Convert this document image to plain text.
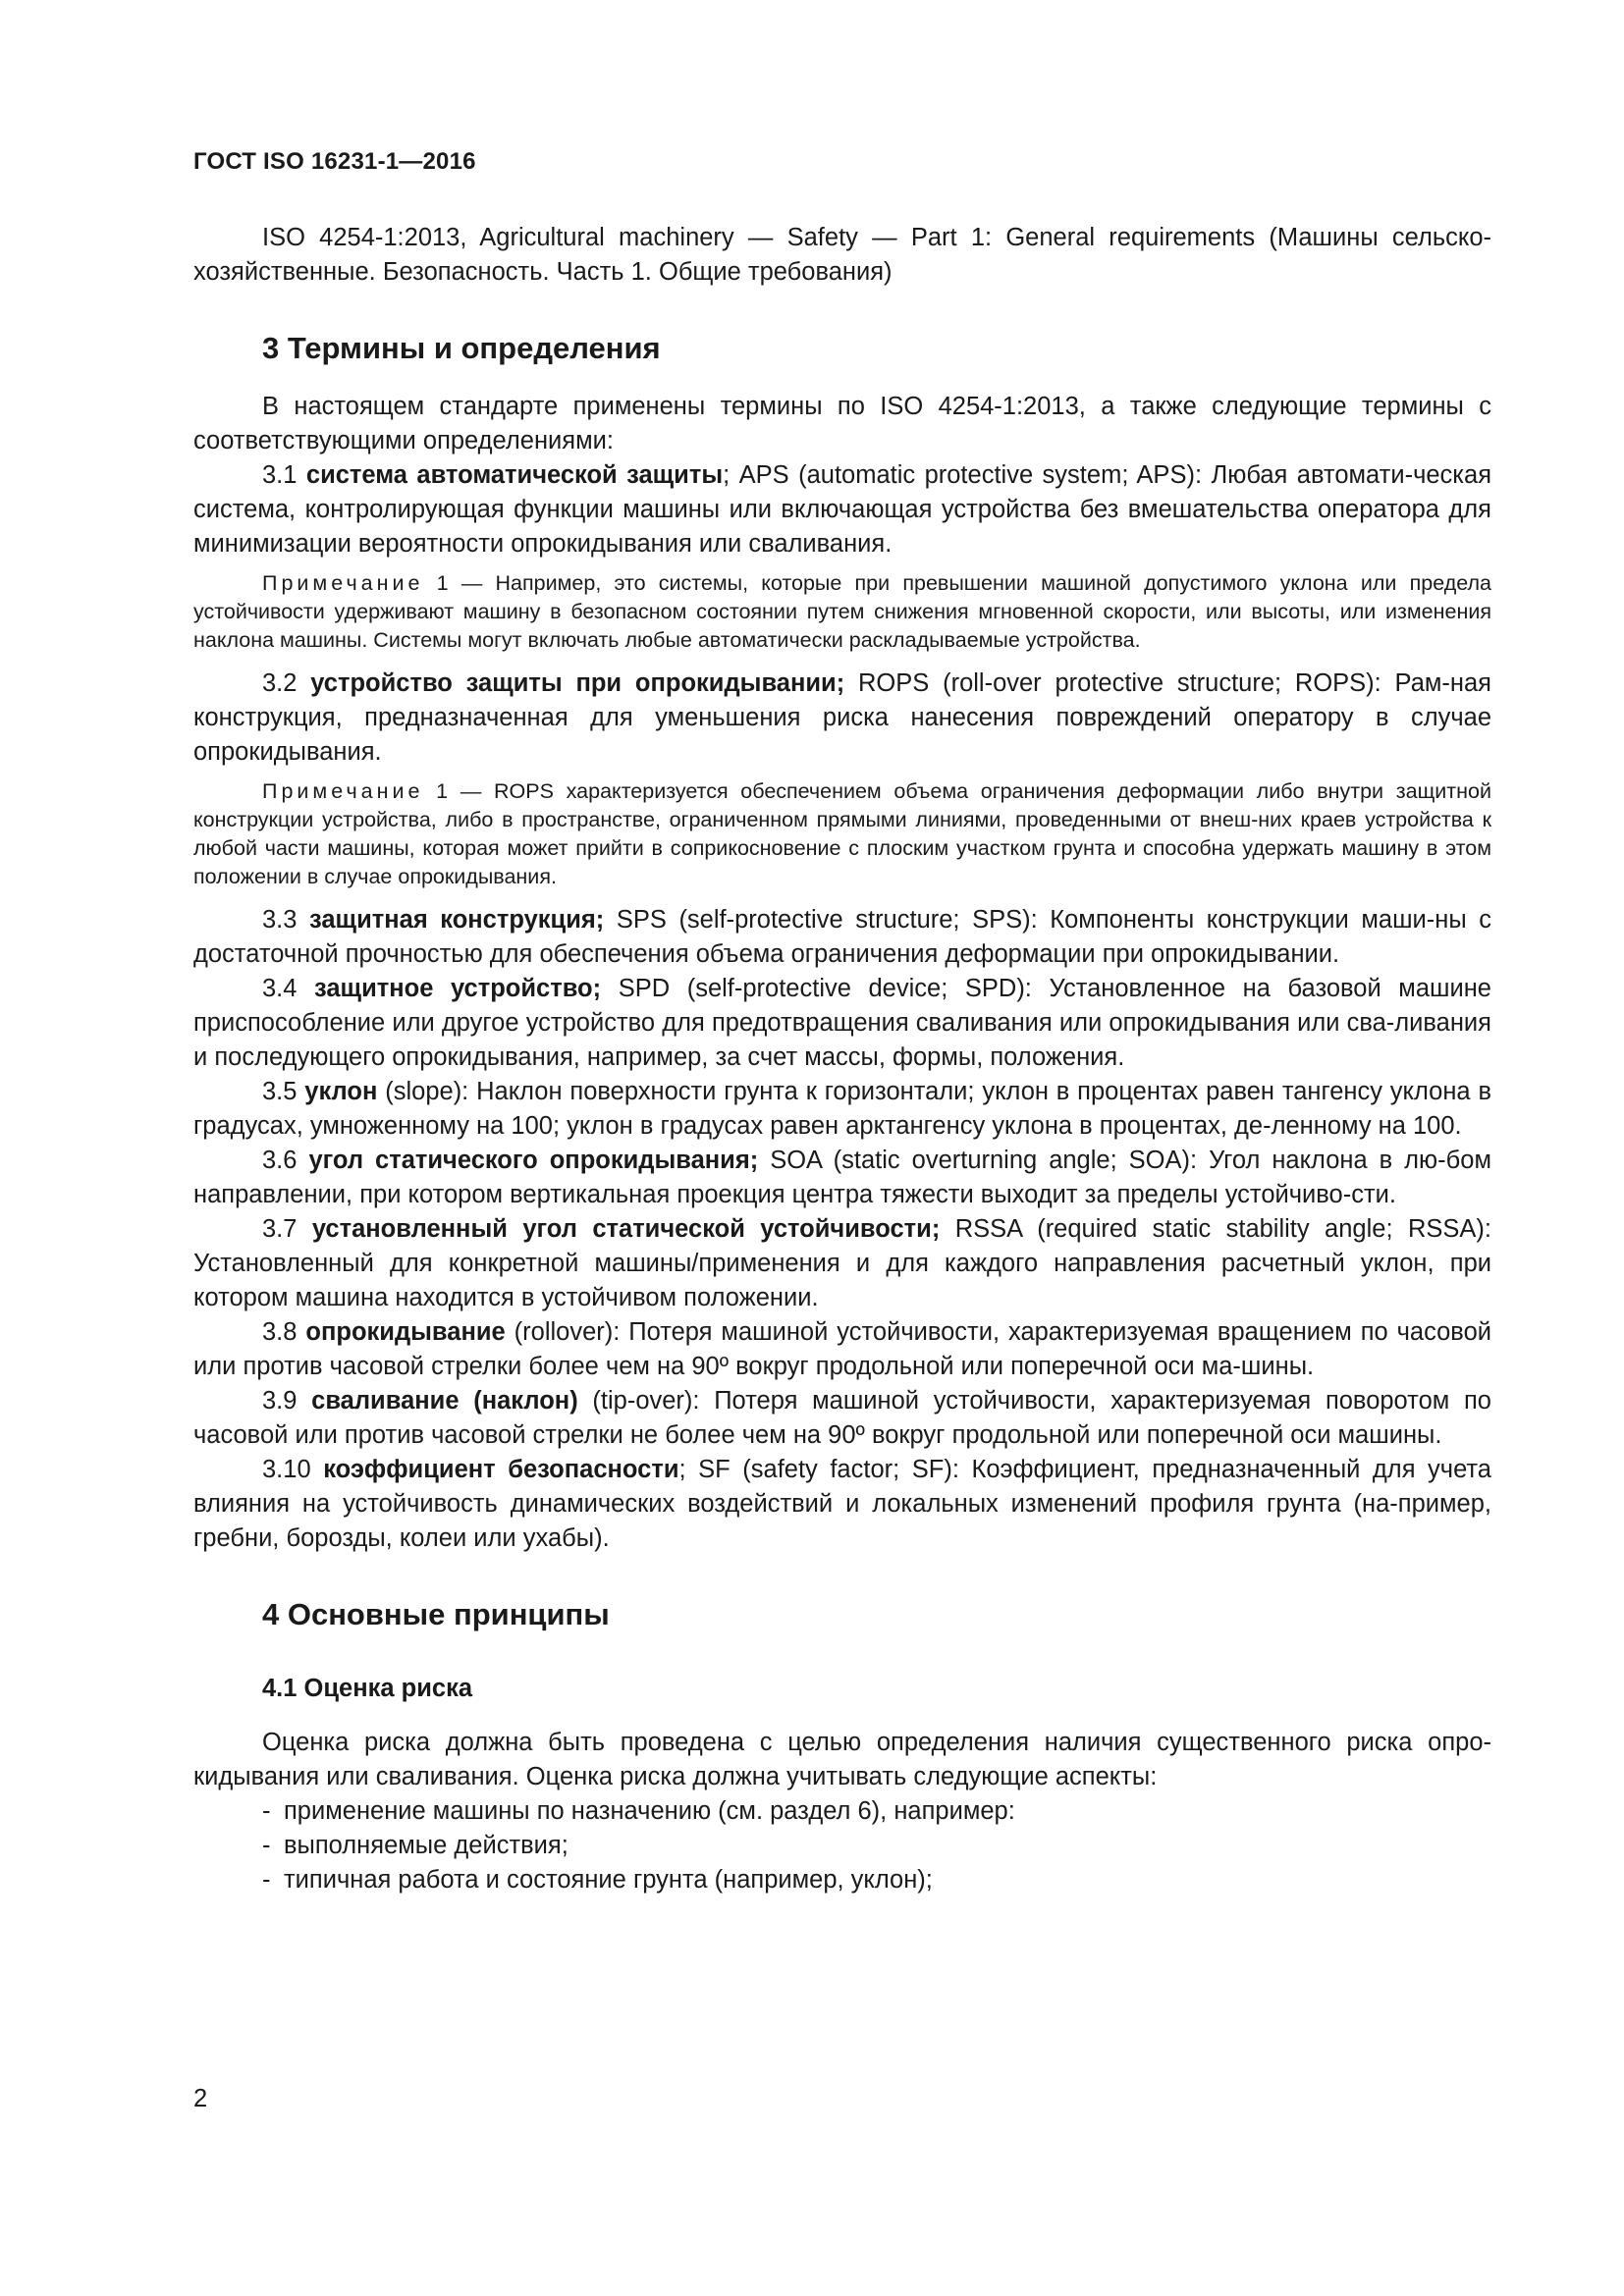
ГОСТ ISO 16231-1—2016

ISO 4254-1:2013, Agricultural machinery — Safety — Part 1: General requirements (Машины сельско-хозяйственные. Безопасность. Часть 1. Общие требования)

3 Термины и определения

В настоящем стандарте применены термины по ISO 4254-1:2013, а также следующие термины с соответствующими определениями:

3.1 система автоматической защиты; APS (automatic protective system; APS): Любая автомати-ческая система, контролирующая функции машины или включающая устройства без вмешательства оператора для минимизации вероятности опрокидывания или сваливания.

Примечание 1 — Например, это системы, которые при превышении машиной допустимого уклона или предела устойчивости удерживают машину в безопасном состоянии путем снижения мгновенной скорости, или высоты, или изменения наклона машины. Системы могут включать любые автоматически раскладываемые устройства.

3.2 устройство защиты при опрокидывании; ROPS (roll-over protective structure; ROPS): Рам-ная конструкция, предназначенная для уменьшения риска нанесения повреждений оператору в случае опрокидывания.

Примечание 1 — ROPS характеризуется обеспечением объема ограничения деформации либо внутри защитной конструкции устройства, либо в пространстве, ограниченном прямыми линиями, проведенными от внеш-них краев устройства к любой части машины, которая может прийти в соприкосновение с плоским участком грунта и способна удержать машину в этом положении в случае опрокидывания.

3.3 защитная конструкция; SPS (self-protective structure; SPS): Компоненты конструкции маши-ны с достаточной прочностью для обеспечения объема ограничения деформации при опрокидывании.

3.4 защитное устройство; SPD (self-protective device; SPD): Установленное на базовой машине приспособление или другое устройство для предотвращения сваливания или опрокидывания или сва-ливания и последующего опрокидывания, например, за счет массы, формы, положения.

3.5 уклон (slope): Наклон поверхности грунта к горизонтали; уклон в процентах равен тангенсу уклона в градусах, умноженному на 100; уклон в градусах равен арктангенсу уклона в процентах, де-ленному на 100.

3.6 угол статического опрокидывания; SOA (static overturning angle; SOA): Угол наклона в лю-бом направлении, при котором вертикальная проекция центра тяжести выходит за пределы устойчиво-сти.

3.7 установленный угол статической устойчивости; RSSA (required static stability angle; RSSA): Установленный для конкретной машины/применения и для каждого направления расчетный уклон, при котором машина находится в устойчивом положении.

3.8 опрокидывание (rollover): Потеря машиной устойчивости, характеризуемая вращением по часовой или против часовой стрелки более чем на 90º вокруг продольной или поперечной оси ма-шины.

3.9 сваливание (наклон) (tip-over): Потеря машиной устойчивости, характеризуемая поворотом по часовой или против часовой стрелки не более чем на 90º вокруг продольной или поперечной оси машины.

3.10 коэффициент безопасности; SF (safety factor; SF): Коэффициент, предназначенный для учета влияния на устойчивость динамических воздействий и локальных изменений профиля грунта (на-пример, гребни, борозды, колеи или ухабы).

4 Основные принципы
4.1 Оценка риска

Оценка риска должна быть проведена с целью определения наличия существенного риска опро-кидывания или сваливания. Оценка риска должна учитывать следующие аспекты:

- применение машины по назначению (см. раздел 6), например:
- выполняемые действия;
- типичная работа и состояние грунта (например, уклон);
2
